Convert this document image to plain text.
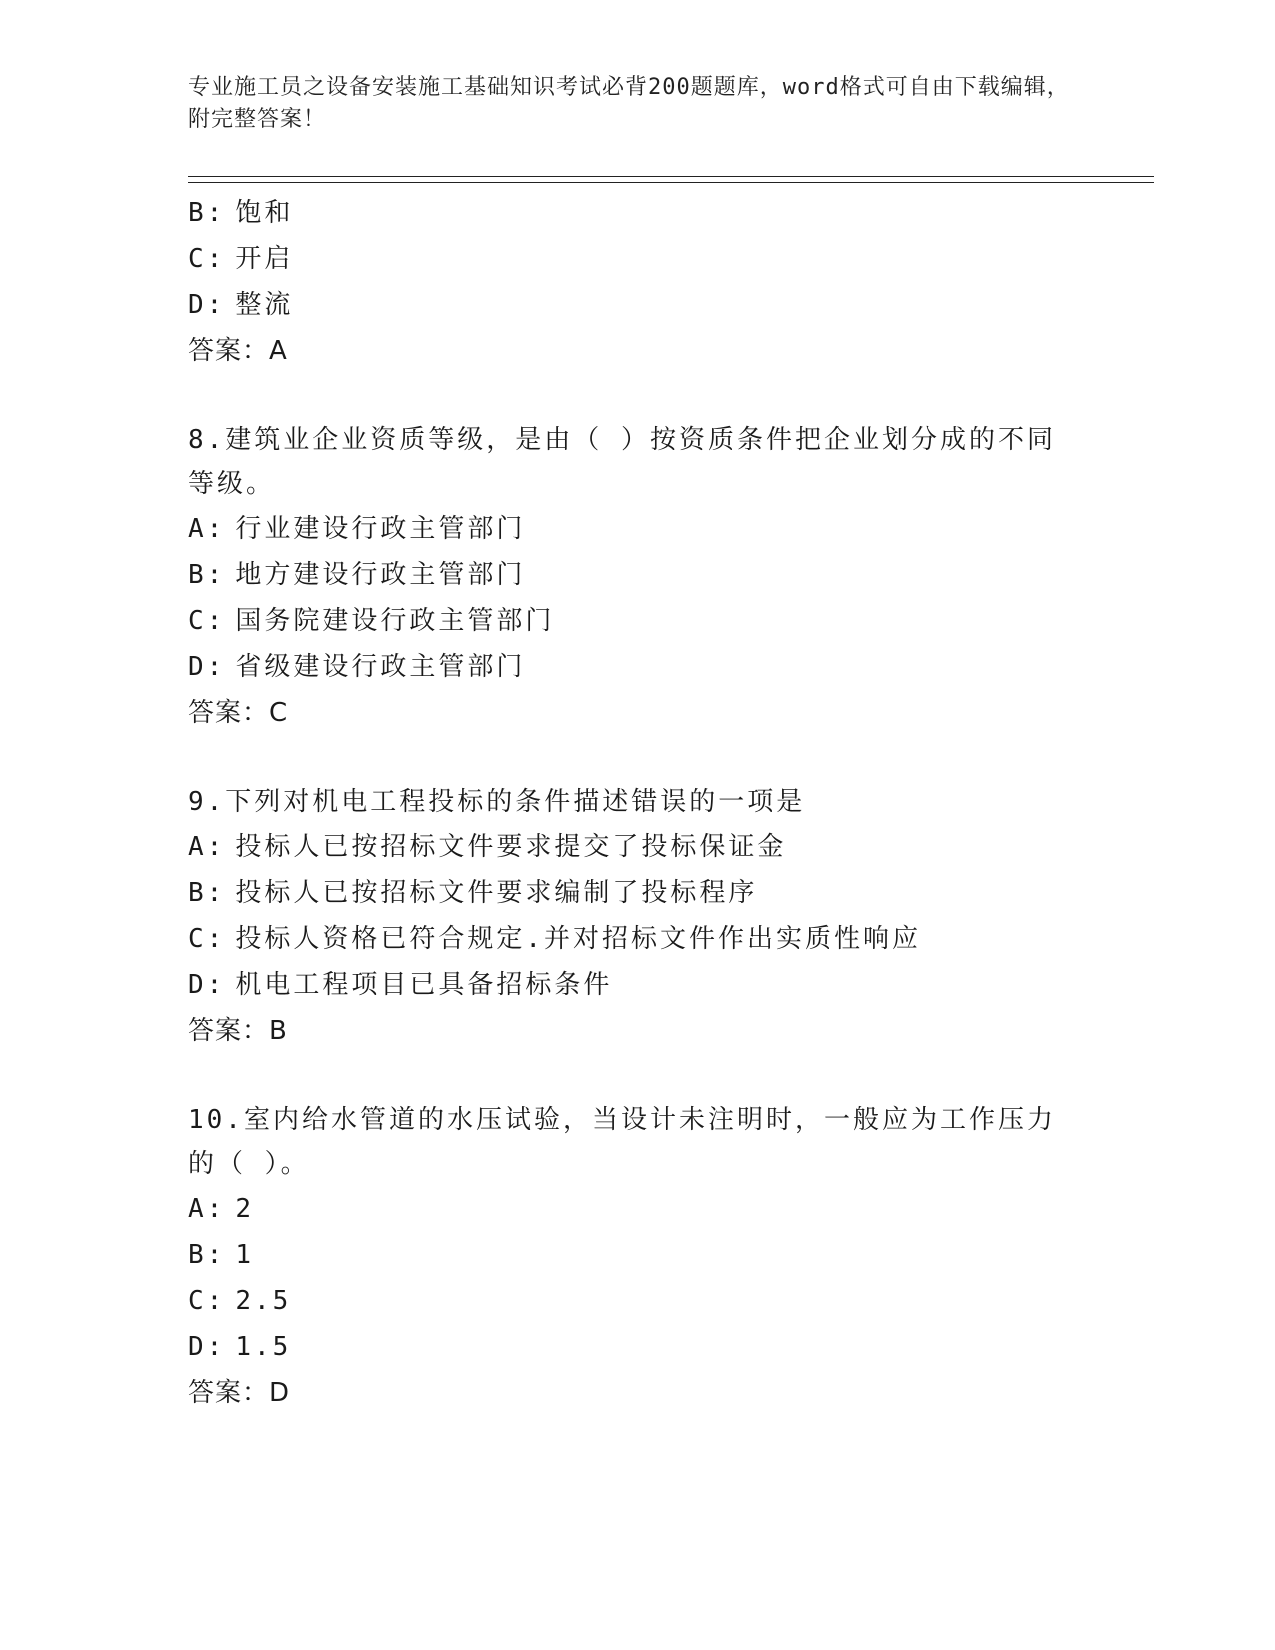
专业施工员之设备安装施工基础知识考试必背200题题库，word格式可自由下载编辑，附完整答案！
B: 饱和
C: 开启
D: 整流
答案：A
8.建筑业企业资质等级，是由（ ）按资质条件把企业划分成的不同等级。
A: 行业建设行政主管部门
B: 地方建设行政主管部门
C: 国务院建设行政主管部门
D: 省级建设行政主管部门
答案：C
9.下列对机电工程投标的条件描述错误的一项是
A: 投标人已按招标文件要求提交了投标保证金
B: 投标人已按招标文件要求编制了投标程序
C: 投标人资格已符合规定.并对招标文件作出实质性响应
D: 机电工程项目已具备招标条件
答案：B
10.室内给水管道的水压试验，当设计未注明时，一般应为工作压力的（ ）。
A: 2
B: 1
C: 2.5
D: 1.5
答案：D
